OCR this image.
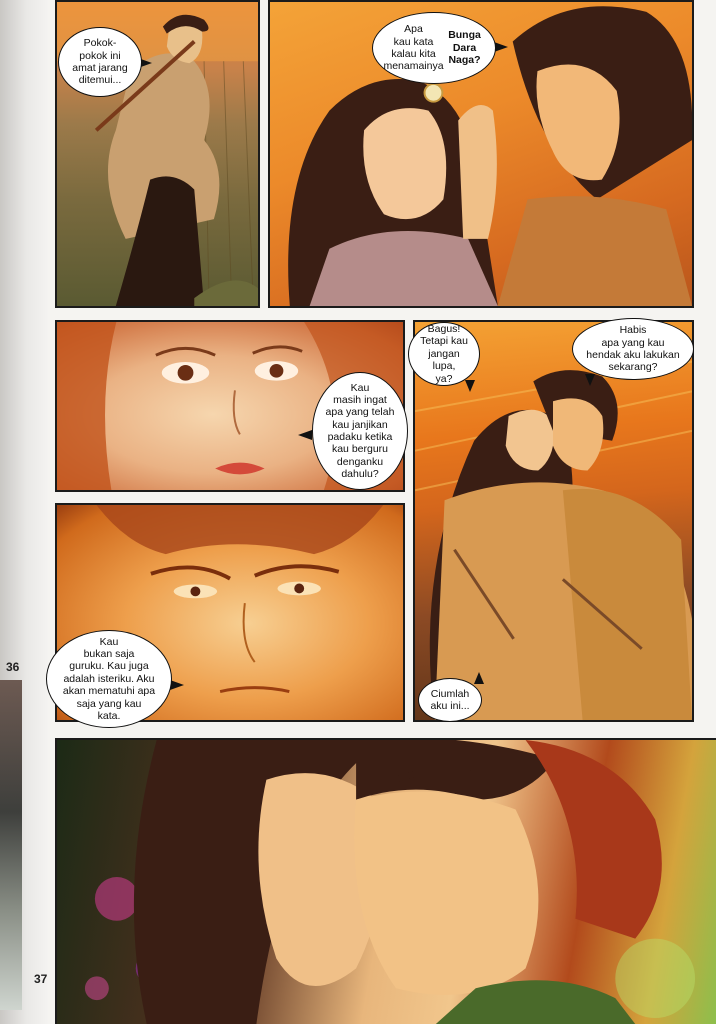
36
37
Pokok-
pokok ini
amat jarang
ditemui...
Apa
kau kata kalau kita
menamainya
Bunga
Dara Naga?
Kau
masih ingat
apa yang telah
kau janjikan
padaku ketika
kau berguru
denganku
dahulu?
Bagus!
Tetapi kau
jangan lupa,
ya?
Habis
apa yang kau
hendak aku lakukan
sekarang?
Kau
bukan saja
guruku. Kau juga
adalah isteriku. Aku
akan mematuhi apa
saja yang kau
kata.
Ciumlah
aku ini...
